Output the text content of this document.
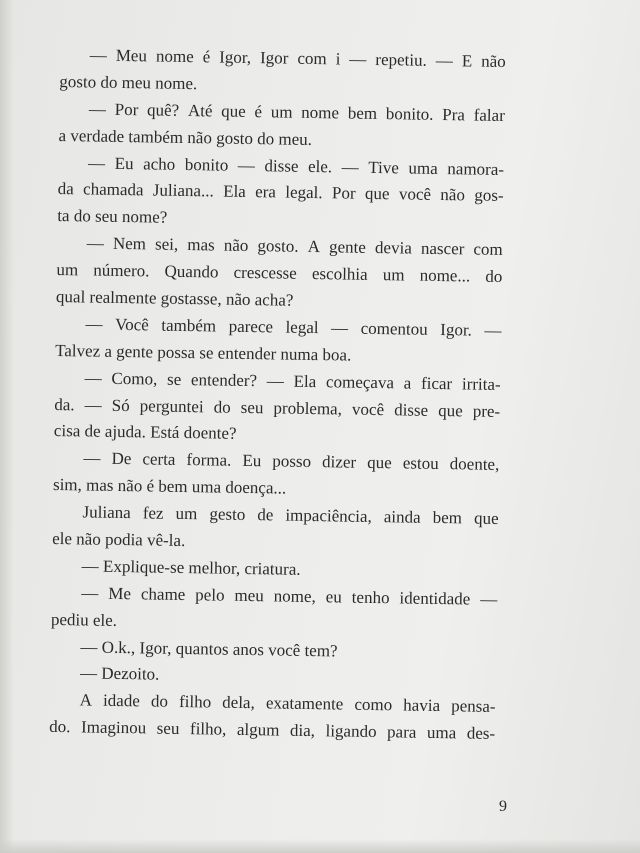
— Meu nome é Igor, Igor com i — repetiu. — E não
gosto do meu nome.
— Por quê? Até que é um nome bem bonito. Pra falar
a verdade também não gosto do meu.
— Eu acho bonito — disse ele. — Tive uma namora-
da chamada Juliana... Ela era legal. Por que você não gos-
ta do seu nome?
— Nem sei, mas não gosto. A gente devia nascer com
um número. Quando crescesse escolhia um nome... do
qual realmente gostasse, não acha?
— Você também parece legal — comentou Igor. —
Talvez a gente possa se entender numa boa.
— Como, se entender? — Ela começava a ficar irrita-
da. — Só perguntei do seu problema, você disse que pre-
cisa de ajuda. Está doente?
— De certa forma. Eu posso dizer que estou doente,
sim, mas não é bem uma doença...
Juliana fez um gesto de impaciência, ainda bem que
ele não podia vê-la.
— Explique-se melhor, criatura.
— Me chame pelo meu nome, eu tenho identidade —
pediu ele.
— O.k., Igor, quantos anos você tem?
— Dezoito.
A idade do filho dela, exatamente como havia pensa-
do. Imaginou seu filho, algum dia, ligando para uma des-
9
